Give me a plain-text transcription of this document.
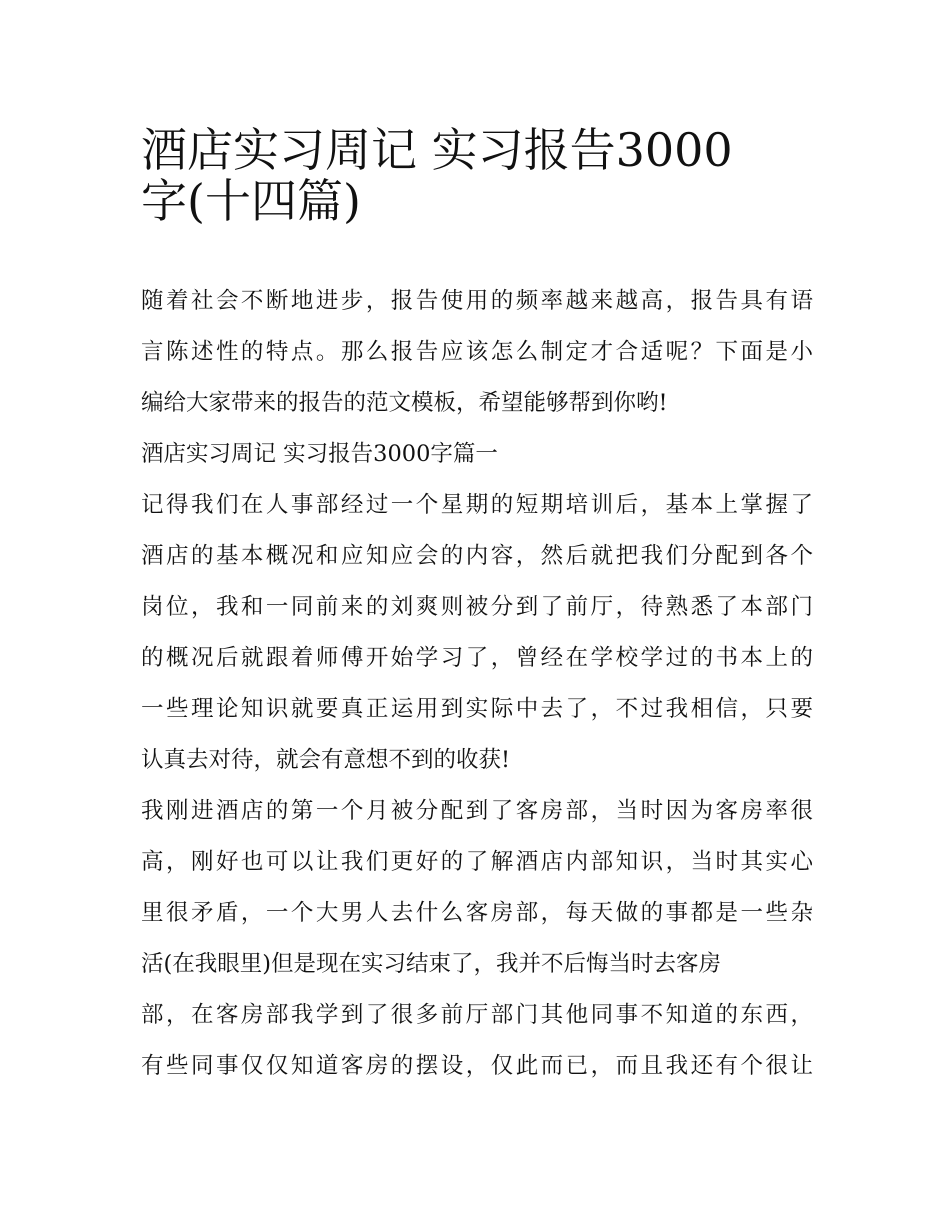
酒店实习周记 实习报告3000
字(十四篇)

随着社会不断地进步，报告使用的频率越来越高，报告具有语
言陈述性的特点。那么报告应该怎么制定才合适呢？下面是小
编给大家带来的报告的范文模板，希望能够帮到你哟!

酒店实习周记 实习报告3000字篇一

记得我们在人事部经过一个星期的短期培训后，基本上掌握了
酒店的基本概况和应知应会的内容，然后就把我们分配到各个
岗位，我和一同前来的刘爽则被分到了前厅，待熟悉了本部门
的概况后就跟着师傅开始学习了，曾经在学校学过的书本上的
一些理论知识就要真正运用到实际中去了，不过我相信，只要
认真去对待，就会有意想不到的收获!

我刚进酒店的第一个月被分配到了客房部，当时因为客房率很
高，刚好也可以让我们更好的了解酒店内部知识，当时其实心
里很矛盾，一个大男人去什么客房部，每天做的事都是一些杂
活(在我眼里)但是现在实习结束了，我并不后悔当时去客房
部，在客房部我学到了很多前厅部门其他同事不知道的东西，
有些同事仅仅知道客房的摆设，仅此而已，而且我还有个很让
